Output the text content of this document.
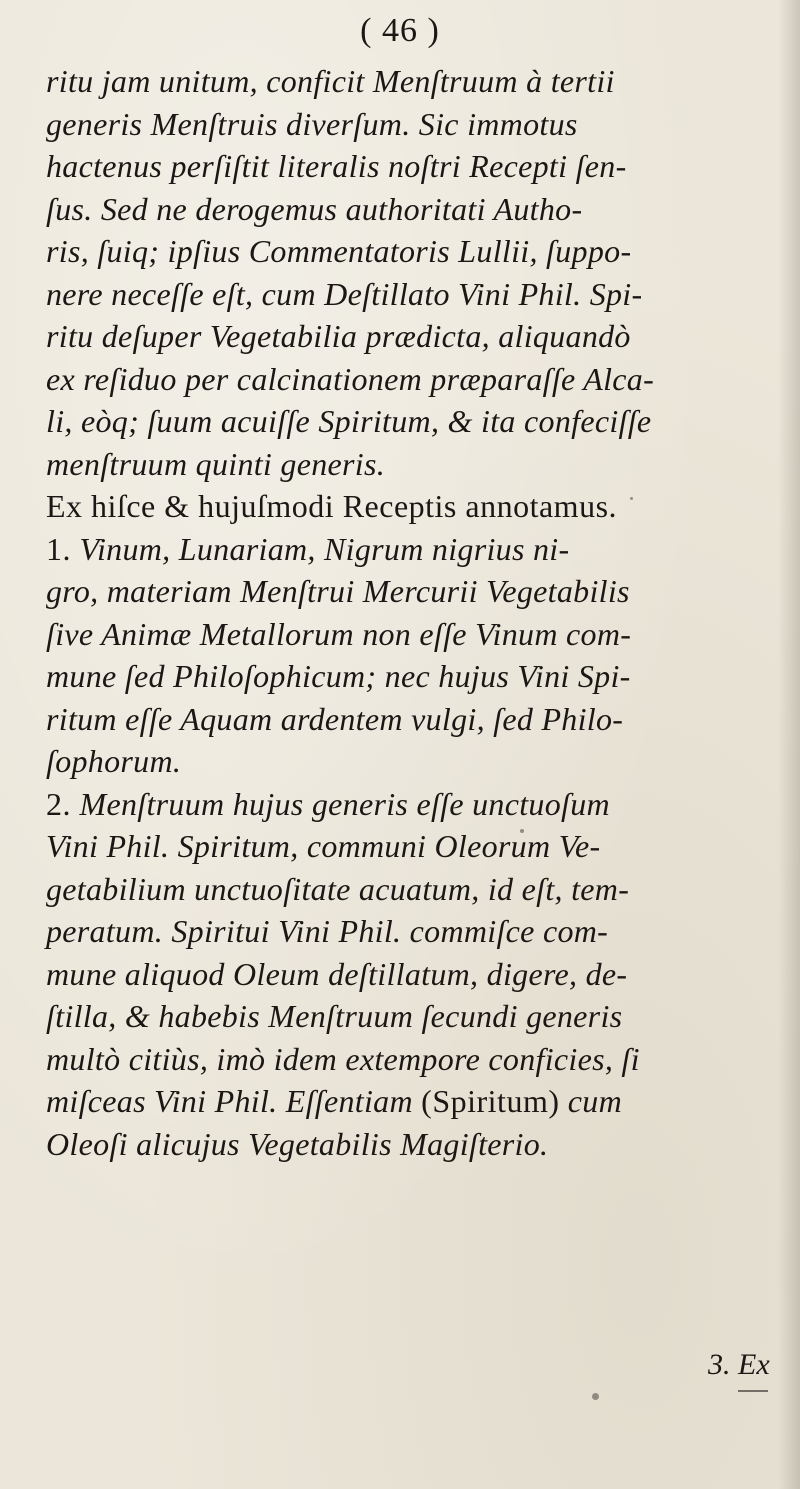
( 46 )
ritu jam unitum, conficit Menſtruum à tertii
generis Menſtruis diverſum. Sic immotus
hactenus perſiſtit literalis noſtri Recepti ſen-
ſus. Sed ne derogemus authoritati Autho-
ris, ſuiq; ipſius Commentatoris Lullii, ſuppo-
nere neceſſe eſt, cum Deſtillato Vini Phil. Spi-
ritu deſuper Vegetabilia prædicta, aliquandò
ex reſiduo per calcinationem præparaſſe Alca-
li, eòq; ſuum acuiſſe Spiritum, & ita confeciſſe
menſtruum quinti generis.
Ex hiſce & hujuſmodi Receptis annotamus.
1. Vinum, Lunariam, Nigrum nigrius ni-
gro, materiam Menſtrui Mercurii Vegetabilis
ſive Animæ Metallorum non eſſe Vinum com-
mune ſed Philoſophicum; nec hujus Vini Spi-
ritum eſſe Aquam ardentem vulgi, ſed Philo-
ſophorum.
2. Menſtruum hujus generis eſſe unctuoſum
Vini Phil. Spiritum, communi Oleorum Ve-
getabilium unctuoſitate acuatum, id eſt, tem-
peratum. Spiritui Vini Phil. commiſce com-
mune aliquod Oleum deſtillatum, digere, de-
ſtilla, & habebis Menſtruum ſecundi generis
multò citiùs, imò idem extempore conficies, ſi
miſceas Vini Phil. Eſſentiam (Spiritum) cum
Oleoſi alicujus Vegetabilis Magiſterio.
3. Ex
